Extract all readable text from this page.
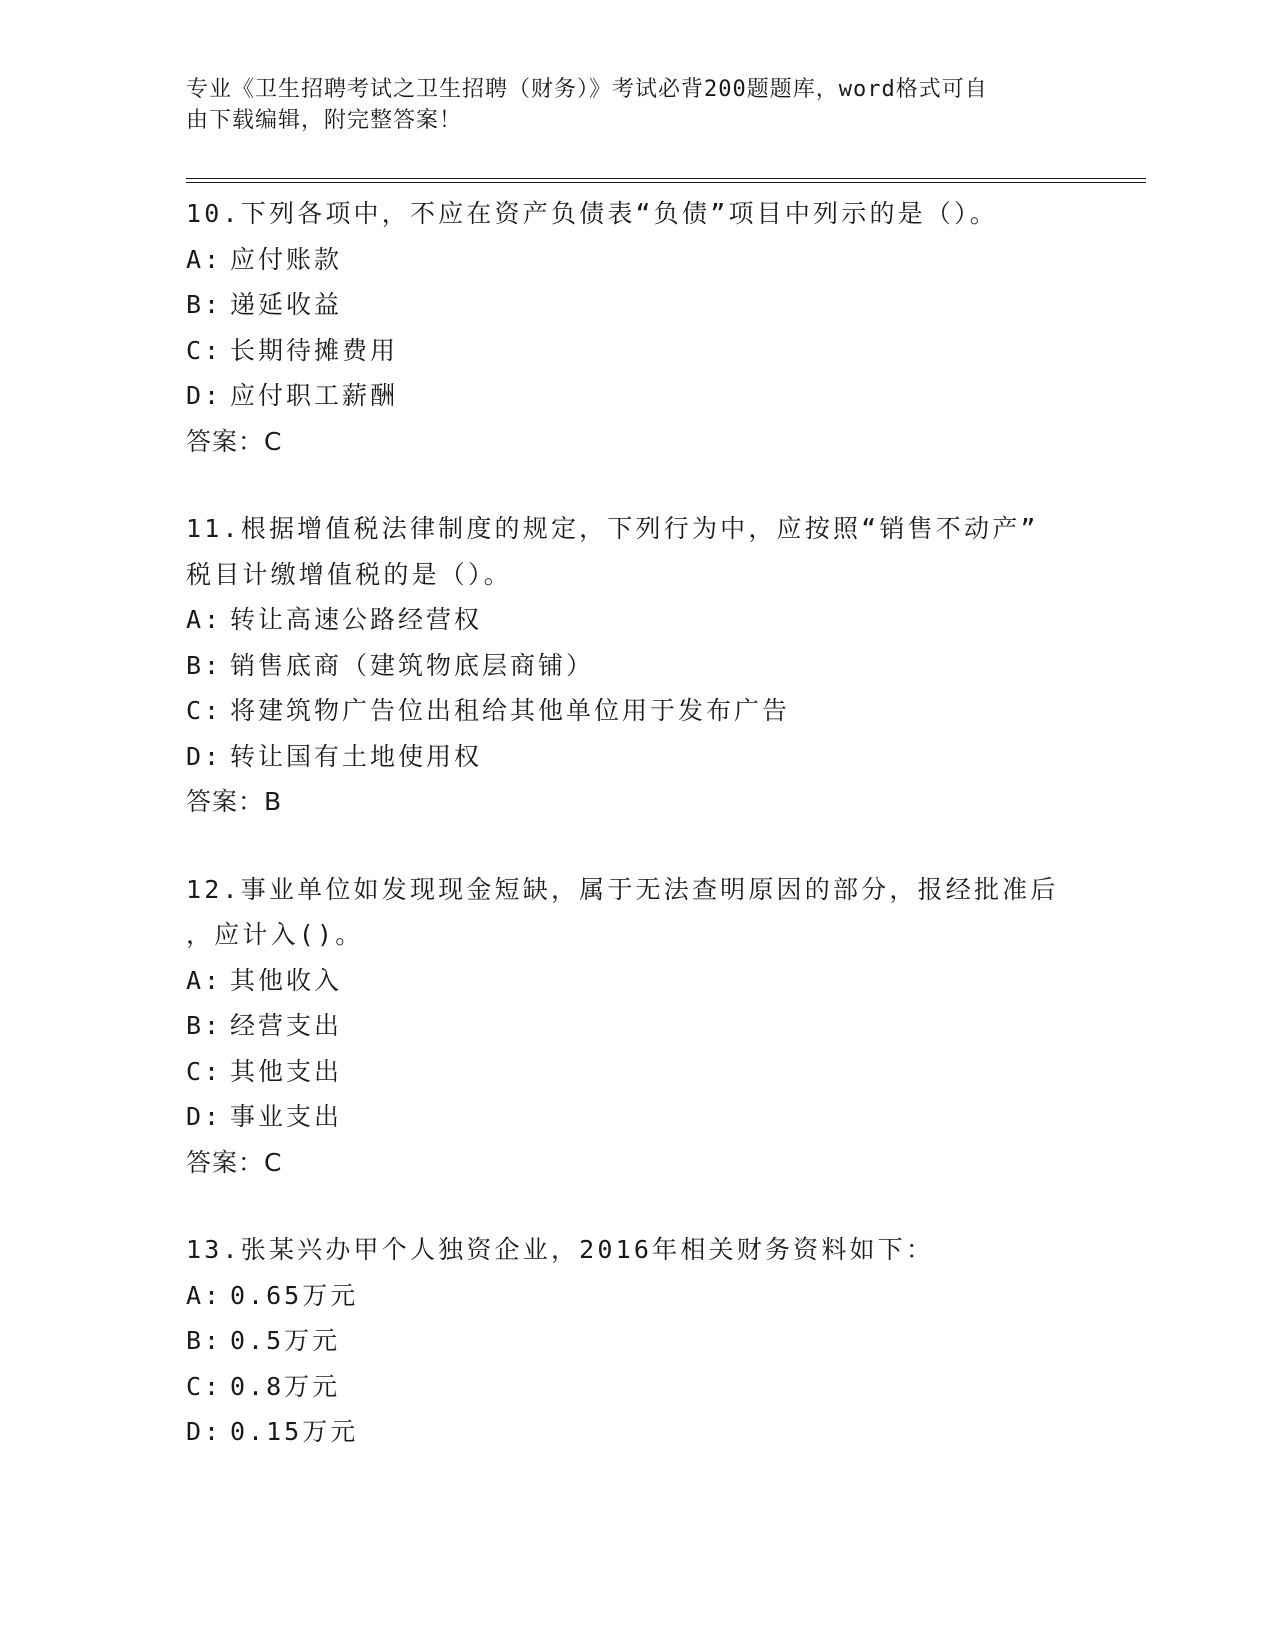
专业《卫生招聘考试之卫生招聘（财务）》考试必背200题题库，word格式可自
由下载编辑，附完整答案！
10.下列各项中，不应在资产负债表“负债”项目中列示的是（）。
A: 应付账款
B: 递延收益
C: 长期待摊费用
D: 应付职工薪酬
答案：C
11.根据增值税法律制度的规定，下列行为中，应按照“销售不动产”
税目计缴增值税的是（）。
A: 转让高速公路经营权
B: 销售底商（建筑物底层商铺）
C: 将建筑物广告位出租给其他单位用于发布广告
D: 转让国有土地使用权
答案：B
12.事业单位如发现现金短缺，属于无法查明原因的部分，报经批准后
，应计入()。
A: 其他收入
B: 经营支出
C: 其他支出
D: 事业支出
答案：C
13.张某兴办甲个人独资企业，2016年相关财务资料如下：
A: 0.65万元
B: 0.5万元
C: 0.8万元
D: 0.15万元
